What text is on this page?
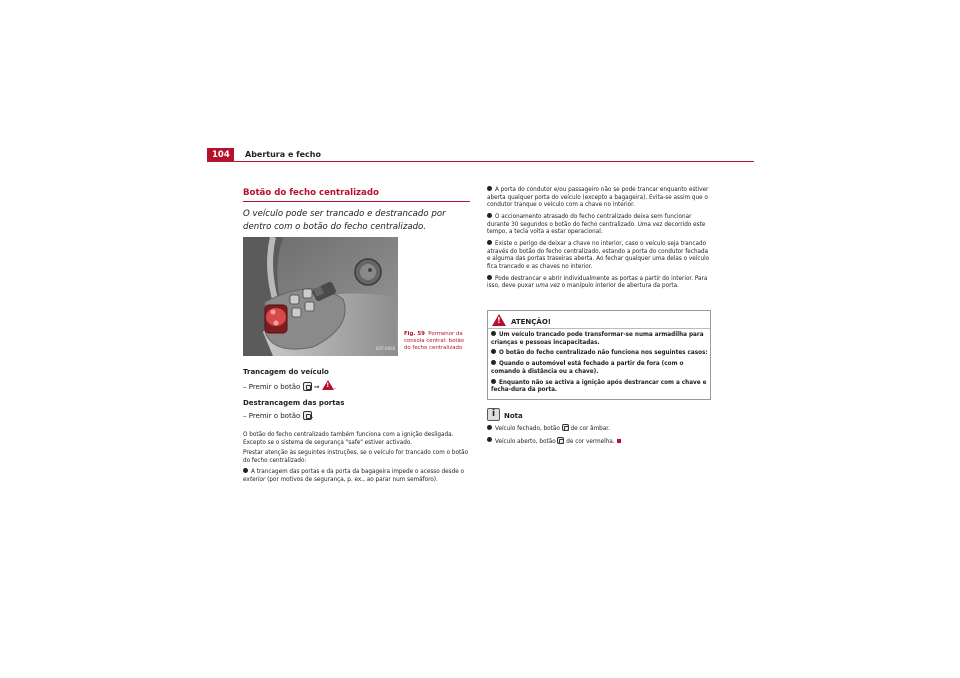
104 Abertura e fecho
Botão do fecho centralizado
O veículo pode ser trancado e destrancado por dentro com o botão do fecho centralizado.
B5P-0666
Fig. 59 Pormenor da consola central: botão do fecho centralizado
Trancagem do veículo
– Premir o botão ⇒ ! .
Destrancagem das portas
– Premir o botão .

O botão do fecho centralizado também funciona com a ignição desligada. Excepto se o sistema de segurança "safe" estiver activado.

Prestar atenção às seguintes instruções, se o veículo for trancado com o botão do fecho centralizado:

A trancagem das portas e da porta da bagageira impede o acesso desde o exterior (por motivos de segurança, p. ex., ao parar num semáforo).

A porta do condutor e/ou passageiro não se pode trancar enquanto estiver aberta qualquer porta do veículo (excepto a bagageira). Evita-se assim que o condutor tranque o veículo com a chave no interior.

O accionamento atrasado do fecho centralizado deixa sem funcionar durante 30 segundos o botão do fecho centralizado. Uma vez decorrido este tempo, a tecla volta a estar operacional.

Existe o perigo de deixar a chave no interior, caso o veículo seja trancado através do botão do fecho centralizado, estando a porta do condutor fechada e alguma das portas traseiras aberta. Ao fechar qualquer uma delas o veículo fica trancado e as chaves no interior.

Pode destrancar e abrir individualmente as portas a partir do interior. Para isso, deve puxar uma vez o manípulo interior de abertura da porta.

!ATENÇÃO!

Um veículo trancado pode transformar-se numa armadilha para crianças e pessoas incapacitadas.

O botão do fecho centralizado não funciona nos seguintes casos:

Quando o automóvel está fechado a partir de fora (com o comando à distância ou a chave).

Enquanto não se activa a ignição após destrancar com a chave e fecha-dura da porta.

iNota

Veículo fechado, botão de cor âmbar.

Veículo aberto, botão de cor vermelha.
